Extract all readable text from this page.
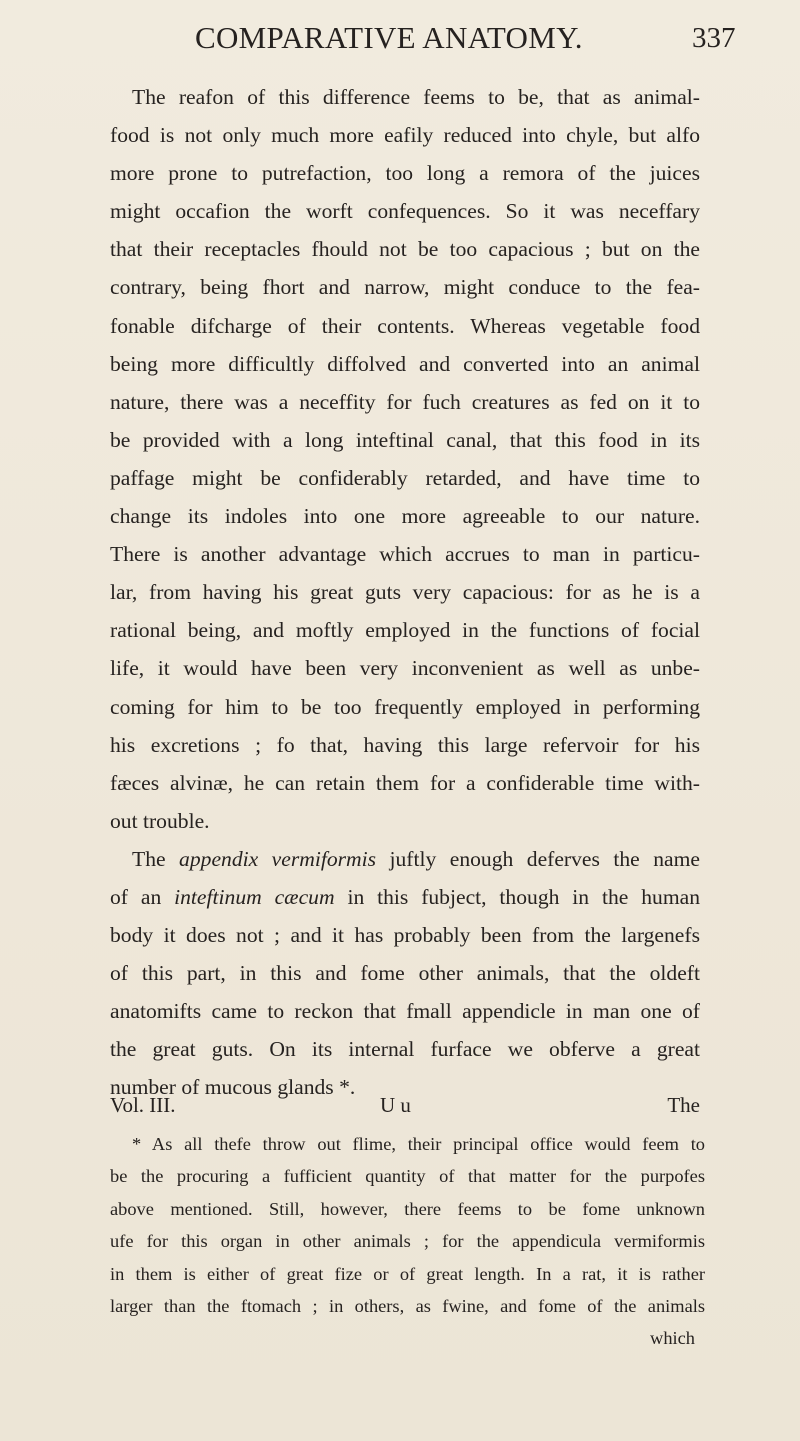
COMPARATIVE ANATOMY.	337
The reafon of this difference feems to be, that as animal-
food is not only much more eafily reduced into chyle, but alfo
more prone to putrefaction, too long a remora of the juices
might occafion the worft confequences. So it was neceffary
that their receptacles fhould not be too capacious ; but on the
contrary, being fhort and narrow, might conduce to the fea-
fonable difcharge of their contents. Whereas vegetable food
being more difficultly diffolved and converted into an animal
nature, there was a neceffity for fuch creatures as fed on it to
be provided with a long inteftinal canal, that this food in its
paffage might be confiderably retarded, and have time to
change its indoles into one more agreeable to our nature.
There is another advantage which accrues to man in particu-
lar, from having his great guts very capacious: for as he is a
rational being, and moftly employed in the functions of focial
life, it would have been very inconvenient as well as unbe-
coming for him to be too frequently employed in performing
his excretions ; fo that, having this large refervoir for his
fæces alvinæ, he can retain them for a confiderable time with-
out trouble.
The appendix vermiformis juftly enough deferves the name
of an inteftinum cæcum in this fubject, though in the human
body it does not ; and it has probably been from the largenefs
of this part, in this and fome other animals, that the oldeft
anatomifts came to reckon that fmall appendicle in man one of
the great guts. On its internal furface we obferve a great
number of mucous glands *.
Vol. III.	U u	The
* As all thefe throw out flime, their principal office would feem to
be the procuring a fufficient quantity of that matter for the purpofes
above mentioned. Still, however, there feems to be fome unknown
ufe for this organ in other animals ; for the appendicula vermiformis
in them is either of great fize or of great length. In a rat, it is rather
larger than the ftomach ; in others, as fwine, and fome of the animals
which
